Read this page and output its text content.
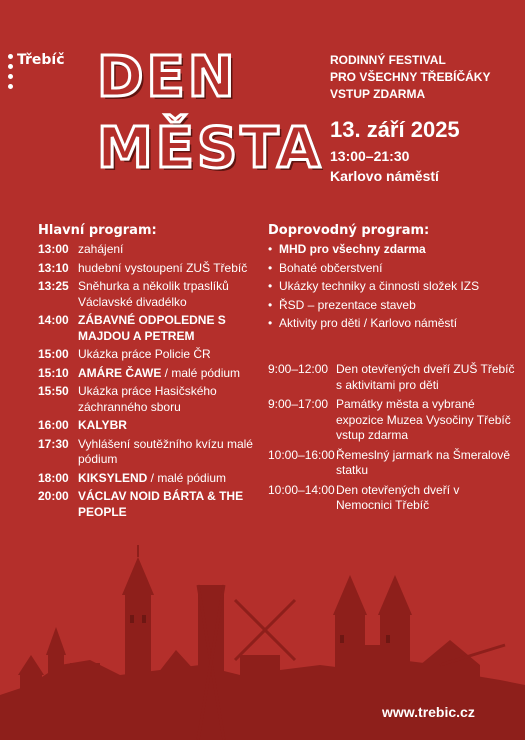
Třebíč DEN
MĚSTA
RODINNÝ FESTIVAL
PRO VŠECHNY TŘEBÍČÁKY
VSTUP ZDARMA
13. září 2025
13:00–21:30
Karlovo náměstí
Hlavní program:
13:00 zahájení
13:10 hudební vystoupení ZUŠ Třebíč
13:25 Sněhurka a několik trpaslíků Václavské divadélko
14:00 ZÁBAVNÉ ODPOLEDNE S MAJDOU A PETREM
15:00 Ukázka práce Policie ČR
15:10 AMÁRE ČAWE / malé pódium
15:50 Ukázka práce Hasičského záchranného sboru
16:00 KALYBR
17:30 Vyhlášení soutěžního kvízu malé pódium
18:00 KIKSYLEND / malé pódium
20:00 VÁCLAV NOID BÁRTA & THE PEOPLE
Doprovodný program:
• MHD pro všechny zdarma
• Bohaté občerstvení
• Ukázky techniky a činnosti složek IZS
• ŘSD – prezentace staveb
• Aktivity pro děti / Karlovo náměstí
9:00–12:00 Den otevřených dveří ZUŠ Třebíč s aktivitami pro děti
9:00–17:00 Památky města a vybrané expozice Muzea Vysočiny Třebíč vstup zdarma
10:00–16:00 Řemeslný jarmark na Šmeralově statku
10:00–14:00 Den otevřených dveří v Nemocnici Třebíč
www.trebic.cz
